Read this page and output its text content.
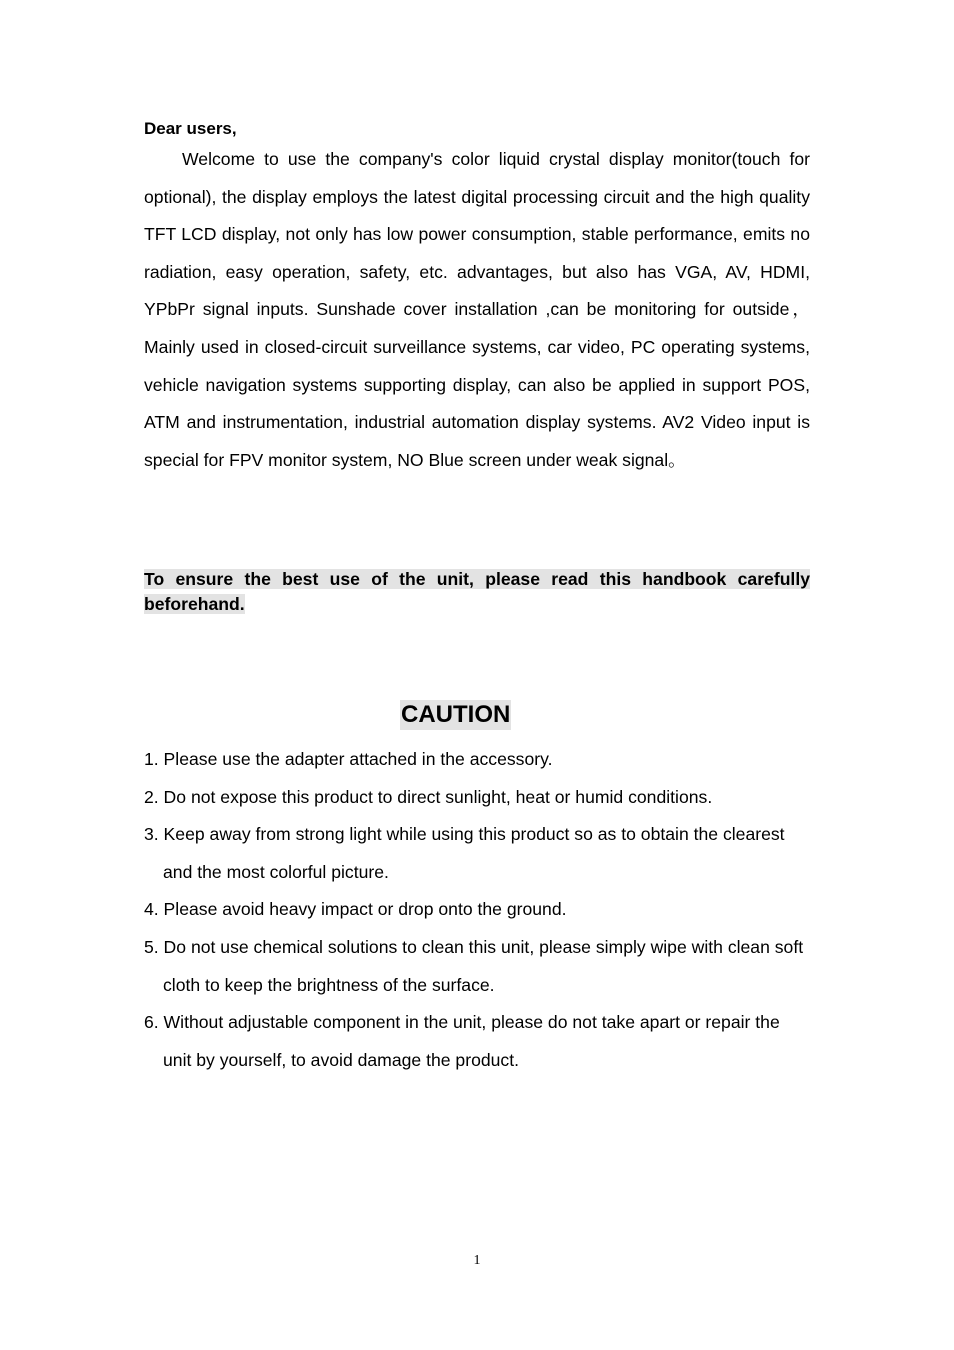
Dear users,

Welcome to use the company's color liquid crystal display monitor(touch for optional), the display employs the latest digital processing circuit and the high quality TFT LCD display, not only has low power consumption, stable performance, emits no radiation, easy operation, safety, etc. advantages, but also has VGA, AV, HDMI, YPbPr signal inputs. Sunshade cover installation ,can be monitoring for outside，Mainly used in closed-circuit surveillance systems, car video, PC operating systems, vehicle navigation systems supporting display, can also be applied in support POS, ATM and instrumentation, industrial automation display systems. AV2 Video input is special for FPV monitor system, NO Blue screen under weak signal。

To ensure the best use of the unit, please read this handbook carefully beforehand.

CAUTION
1. Please use the adapter attached in the accessory.
2. Do not expose this product to direct sunlight, heat or humid conditions.
3. Keep away from strong light while using this product so as to obtain the clearest and the most colorful picture.
4. Please avoid heavy impact or drop onto the ground.
5. Do not use chemical solutions to clean this unit, please simply wipe with clean soft cloth to keep the brightness of the surface.
6. Without adjustable component in the unit, please do not take apart or repair the unit by yourself, to avoid damage the product.
1
